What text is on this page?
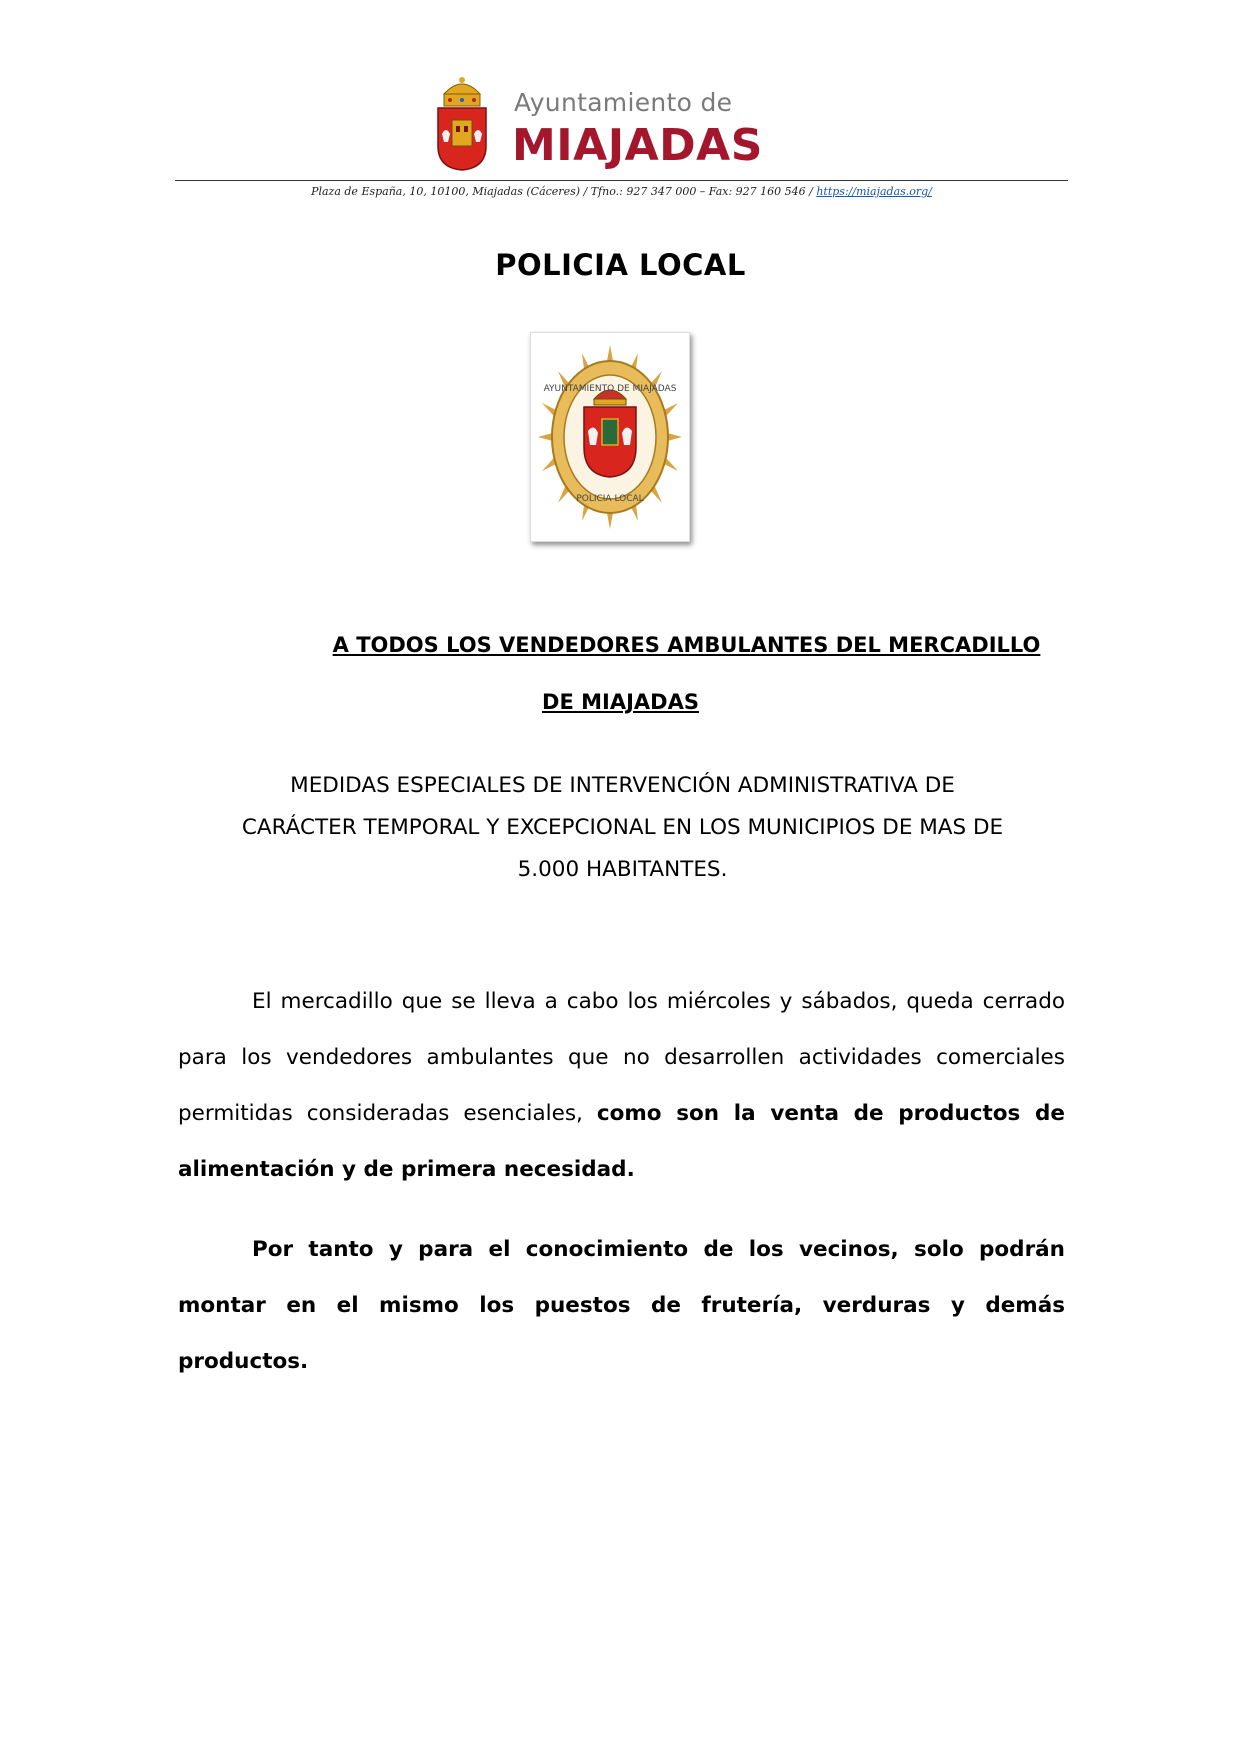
Ayuntamiento de
MIAJADAS
Plaza de España, 10, 10100, Miajadas (Cáceres) / Tfno.: 927 347 000 – Fax: 927 160 546 / https://miajadas.org/
POLICIA LOCAL
AYUNTAMIENTO DE MIAJADAS
POLICIA LOCAL
A TODOS LOS VENDEDORES AMBULANTES DEL MERCADILLO
DE MIAJADAS
MEDIDAS ESPECIALES DE INTERVENCIÓN ADMINISTRATIVA DE
CARÁCTER TEMPORAL Y EXCEPCIONAL EN LOS MUNICIPIOS DE MAS DE
5.000 HABITANTES.
El mercadillo que se lleva a cabo los miércoles y sábados, queda cerrado para los vendedores ambulantes que no desarrollen actividades comerciales permitidas consideradas esenciales, como son la venta de productos de alimentación y de primera necesidad.
Por tanto y para el conocimiento de los vecinos, solo podrán montar en el mismo los puestos de frutería, verduras y demás productos.
